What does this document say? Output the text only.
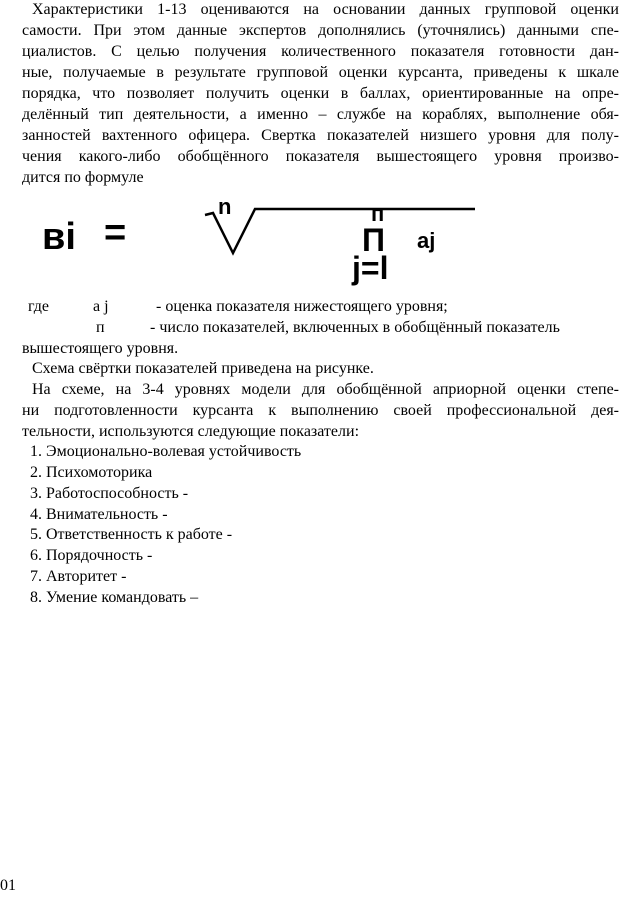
Характеристики 1-13 оцениваются на основании данных групповой оценки
самости. При этом данные экспертов дополнялись (уточнялись) данными спе-
циалистов. С целью получения количественного показателя готовности дан-
ные, получаемые в результате групповой оценки курсанта, приведены к шкале
порядка, что позволяет получить оценки в баллах, ориентированные на опре-
делённый тип деятельности, а именно – службе на кораблях, выполнение обя-
занностей вахтенного офицера. Свертка показателей низшего уровня для полу-
чения какого-либо обобщённого показателя вышестоящего уровня произво-
дится по формуле
вi =
n	п
П aj
j=l
где	a j	- оценка показателя нижестоящего уровня;
п	- число показателей, включенных в обобщённый показатель
вышестоящего уровня.
Схема свёртки показателей приведена на рисунке.
На схеме, на 3-4 уровнях модели для обобщённой априорной оценки степе-
ни подготовленности курсанта к выполнению своей профессиональной дея-
тельности, используются следующие показатели:
1. Эмоционально-волевая устойчивость
2. Психомоторика
3. Работоспособность -
4. Внимательность -
5. Ответственность к работе -
6. Порядочность -
7. Авторитет -
8. Умение командовать –
01
